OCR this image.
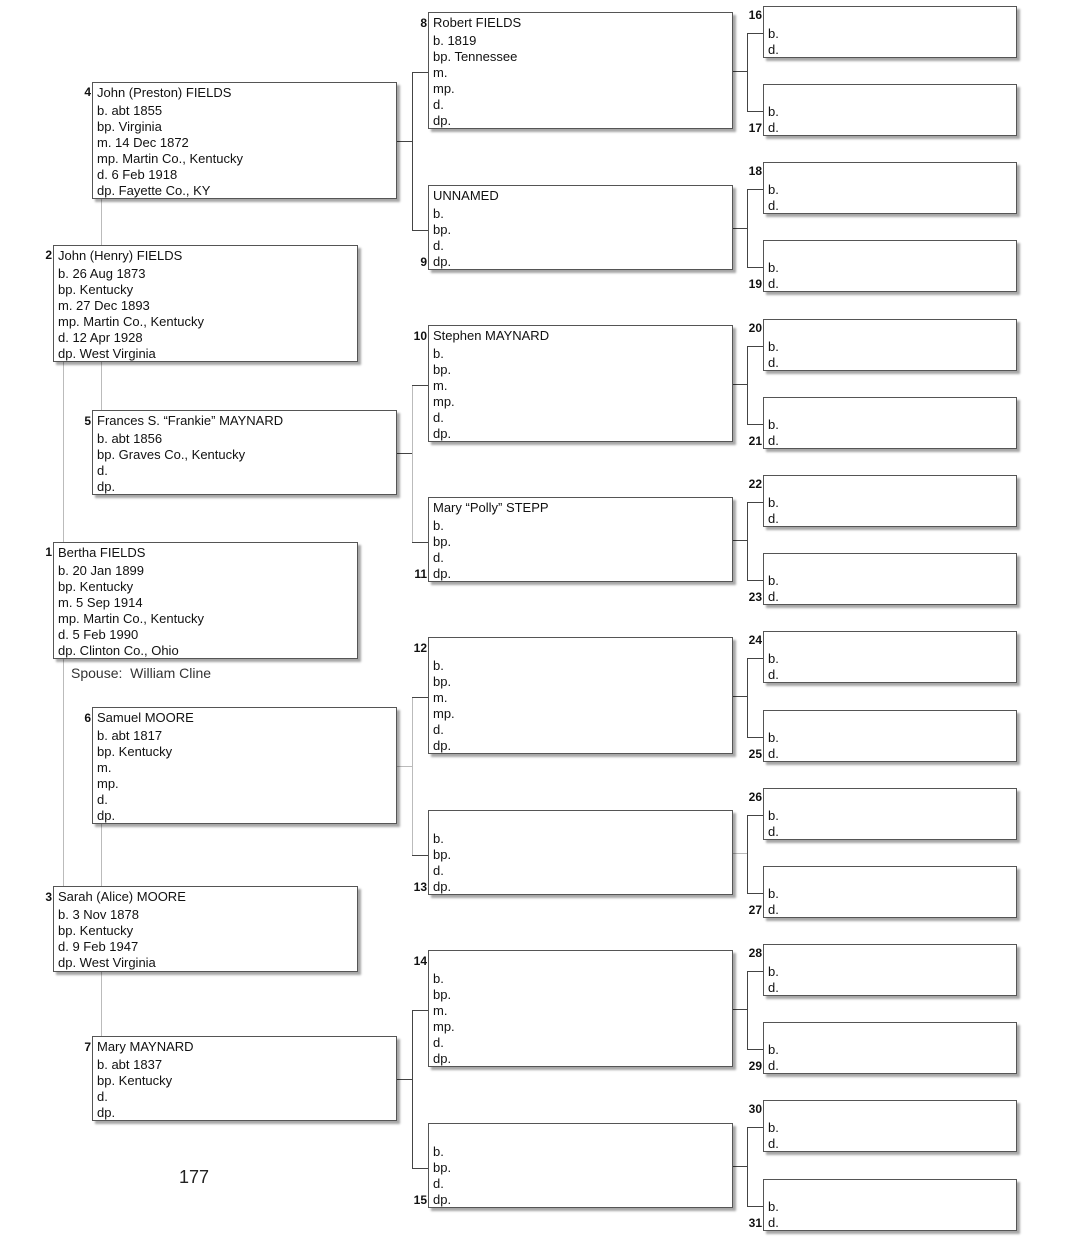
1 Bertha FIELDS
b. 20 Jan 1899
bp. Kentucky
m. 5 Sep 1914
mp. Martin Co., Kentucky
d. 5 Feb 1990
dp. Clinton Co., Ohio
2 John (Henry) FIELDS
b. 26 Aug 1873
bp. Kentucky
m. 27 Dec 1893
mp. Martin Co., Kentucky
d. 12 Apr 1928
dp. West Virginia
3 Sarah (Alice) MOORE
b. 3 Nov 1878
bp. Kentucky
d. 9 Feb 1947
dp. West Virginia
4 John (Preston) FIELDS
b. abt 1855
bp. Virginia
m. 14 Dec 1872
mp. Martin Co., Kentucky
d. 6 Feb 1918
dp. Fayette Co., KY
5 Frances S. “Frankie” MAYNARD
b. abt 1856
bp. Graves Co., Kentucky
d.
dp.
6 Samuel MOORE
b. abt 1817
bp. Kentucky
m.
mp.
d.
dp.
7 Mary MAYNARD
b. abt 1837
bp. Kentucky
d.
dp.
8 Robert FIELDS
b. 1819
bp. Tennessee
m.
mp.
d.
dp.
9
UNNAMED
b.
bp.
d.
dp.
10 Stephen MAYNARD
b.
bp.
m.
mp.
d.
dp.
11
Mary “Polly” STEPP
b.
bp.
d.
dp.
12
b.
bp.
m.
mp.
d.
dp.
13
b.
bp.
d.
dp.
14
b.
bp.
m.
mp.
d.
dp.
15
b.
bp.
d.
dp.
16
b.
d.
17
b.
d.
18
b.
d.
19
b.
d.
20
b.
d.
21
b.
d.
22
b.
d.
23
b.
d.
24
b.
d.
25
b.
d.
26
b.
d.
27
b.
d.
28
b.
d.
29
b.
d.
30
b.
d.
31
b.
d.
Spouse: William Cline
177
